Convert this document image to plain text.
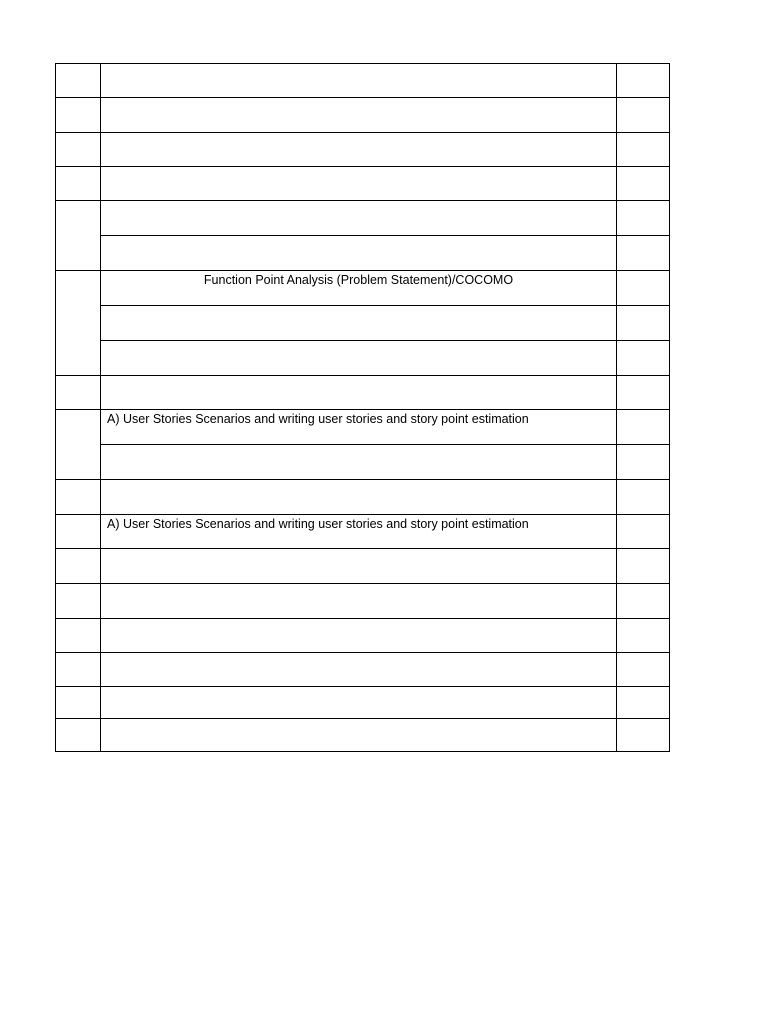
Function Point Analysis (Problem Statement)/COCOMO
A) User Stories Scenarios and writing user stories and story point estimation
A) User Stories Scenarios and writing user stories and story point estimation
